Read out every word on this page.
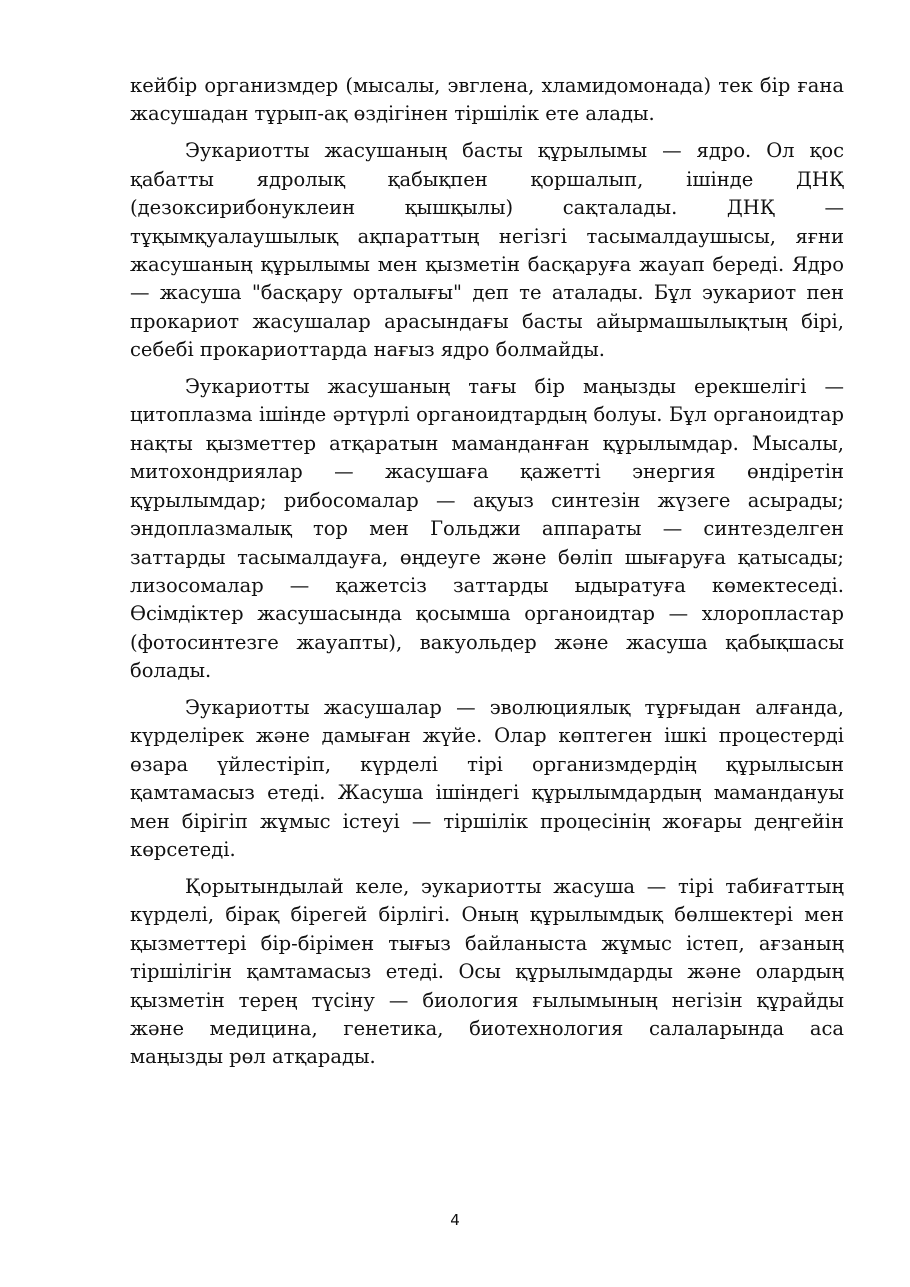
кейбір организмдер (мысалы, эвглена, хламидомонада) тек бір ғана жасушадан тұрып-ақ өздігінен тіршілік ете алады.

Эукариотты жасушаның басты құрылымы — ядро. Ол қос қабатты ядролық қабықпен қоршалып, ішінде ДНҚ (дезоксирибонуклеин қышқылы) сақталады. ДНҚ — тұқымқуалаушылық ақпараттың негізгі тасымалдаушысы, яғни жасушаның құрылымы мен қызметін басқаруға жауап береді. Ядро — жасуша "басқару орталығы" деп те аталады. Бұл эукариот пен прокариот жасушалар арасындағы басты айырмашылықтың бірі, себебі прокариоттарда нағыз ядро болмайды.

Эукариотты жасушаның тағы бір маңызды ерекшелігі — цитоплазма ішінде әртүрлі органоидтардың болуы. Бұл органоидтар нақты қызметтер атқаратын маманданған құрылымдар. Мысалы, митохондриялар — жасушаға қажетті энергия өндіретін құрылымдар; рибосомалар — ақуыз синтезін жүзеге асырады; эндоплазмалық тор мен Гольджи аппараты — синтезделген заттарды тасымалдауға, өңдеуге және бөліп шығаруға қатысады; лизосомалар — қажетсіз заттарды ыдыратуға көмектеседі. Өсімдіктер жасушасында қосымша органоидтар — хлоропластар (фотосинтезге жауапты), вакуольдер және жасуша қабықшасы болады.

Эукариотты жасушалар — эволюциялық тұрғыдан алғанда, күрделірек және дамыған жүйе. Олар көптеген ішкі процестерді өзара үйлестіріп, күрделі тірі организмдердің құрылысын қамтамасыз етеді. Жасуша ішіндегі құрылымдардың мамандануы мен бірігіп жұмыс істеуі — тіршілік процесінің жоғары деңгейін көрсетеді.

Қорытындылай келе, эукариотты жасуша — тірі табиғаттың күрделі, бірақ бірегей бірлігі. Оның құрылымдық бөлшектері мен қызметтері бір-бірімен тығыз байланыста жұмыс істеп, ағзаның тіршілігін қамтамасыз етеді. Осы құрылымдарды және олардың қызметін терең түсіну — биология ғылымының негізін құрайды және медицина, генетика, биотехнология салаларында аса маңызды рөл атқарады.

4
